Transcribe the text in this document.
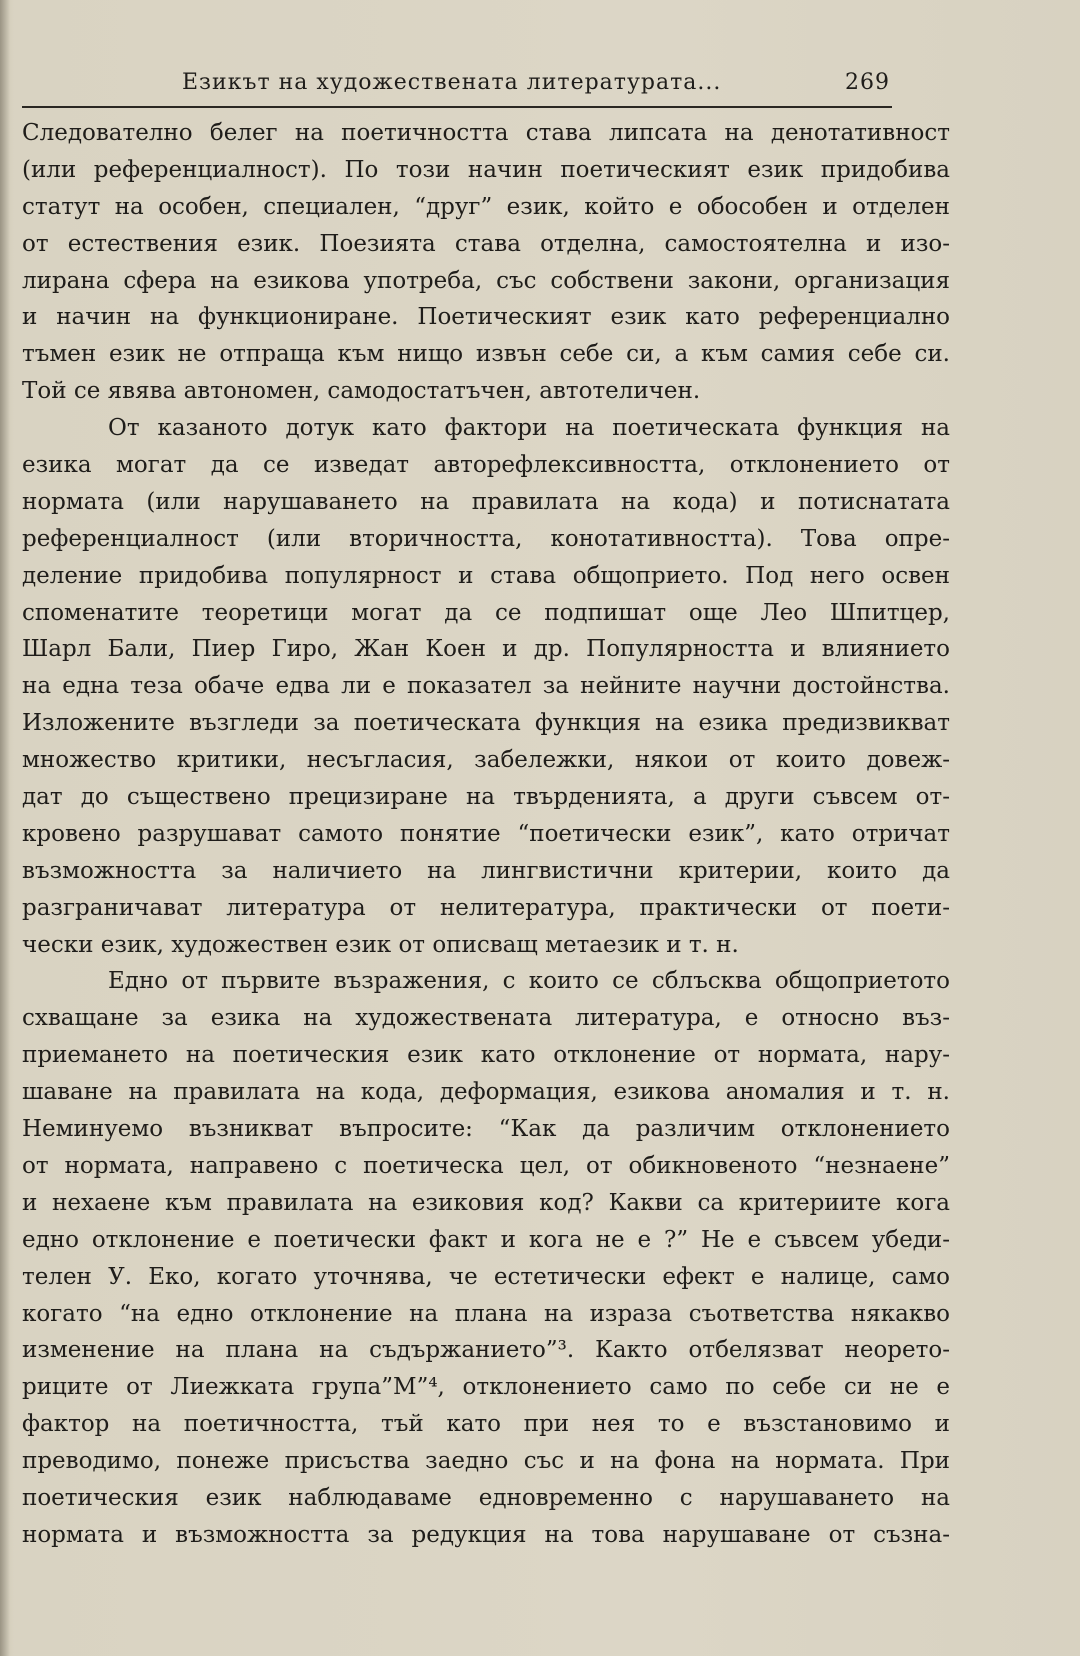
Езикът на художествената литературата...	269
Следователно белег на поетичността става липсата на денотативност
(или референциалност). По този начин поетическият език придобива
статут на особен, специален, “друг” език, който е обособен и отделен
от естествения език. Поезията става отделна, самостоятелна и изо-
лирана сфера на езикова употреба, със собствени закони, организация
и начин на функциониране. Поетическият език като референциално
тъмен език не отпраща към нищо извън себе си, а към самия себе си.
Той се явява автономен, самодостатъчен, автотеличен.
От казаното дотук като фактори на поетическата функция на
езика могат да се изведат авторефлексивността, отклонението от
нормата (или нарушаването на правилата на кода) и потиснатата
референциалност (или вторичността, конотативността). Това опре-
деление придобива популярност и става общоприето. Под него освен
споменатите теоретици могат да се подпишат още Лео Шпитцер,
Шарл Бали, Пиер Гиро, Жан Коен и др. Популярността и влиянието
на една теза обаче едва ли е показател за нейните научни достойнства.
Изложените възгледи за поетическата функция на езика предизвикват
множество критики, несъгласия, забележки, някои от които довеж-
дат до съществено прецизиране на твърденията, а други съвсем от-
кровено разрушават самото понятие “поетически език”, като отричат
възможността за наличието на лингвистични критерии, които да
разграничават литература от нелитература, практически от поети-
чески език, художествен език от описващ метаезик и т. н.
Едно от първите възражения, с които се сблъсква общоприетото
схващане за езика на художествената литература, е относно въз-
приемането на поетическия език като отклонение от нормата, нару-
шаване на правилата на кода, деформация, езикова аномалия и т. н.
Неминуемо възникват въпросите: “Как да различим отклонението
от нормата, направено с поетическа цел, от обикновеното “незнаене”
и нехаене към правилата на езиковия код? Какви са критериите кога
едно отклонение е поетически факт и кога не е ?” Не е съвсем убеди-
телен У. Еко, когато уточнява, че естетически ефект е налице, само
когато “на едно отклонение на плана на израза съответства някакво
изменение на плана на съдържанието”³. Както отбелязват неорето-
риците от Лиежката група”М”⁴, отклонението само по себе си не е
фактор на поетичността, тъй като при нея то е възстановимо и
преводимо, понеже присъства заедно със и на фона на нормата. При
поетическия език наблюдаваме едновременно с нарушаването на
нормата и възможността за редукция на това нарушаване от съзна-
